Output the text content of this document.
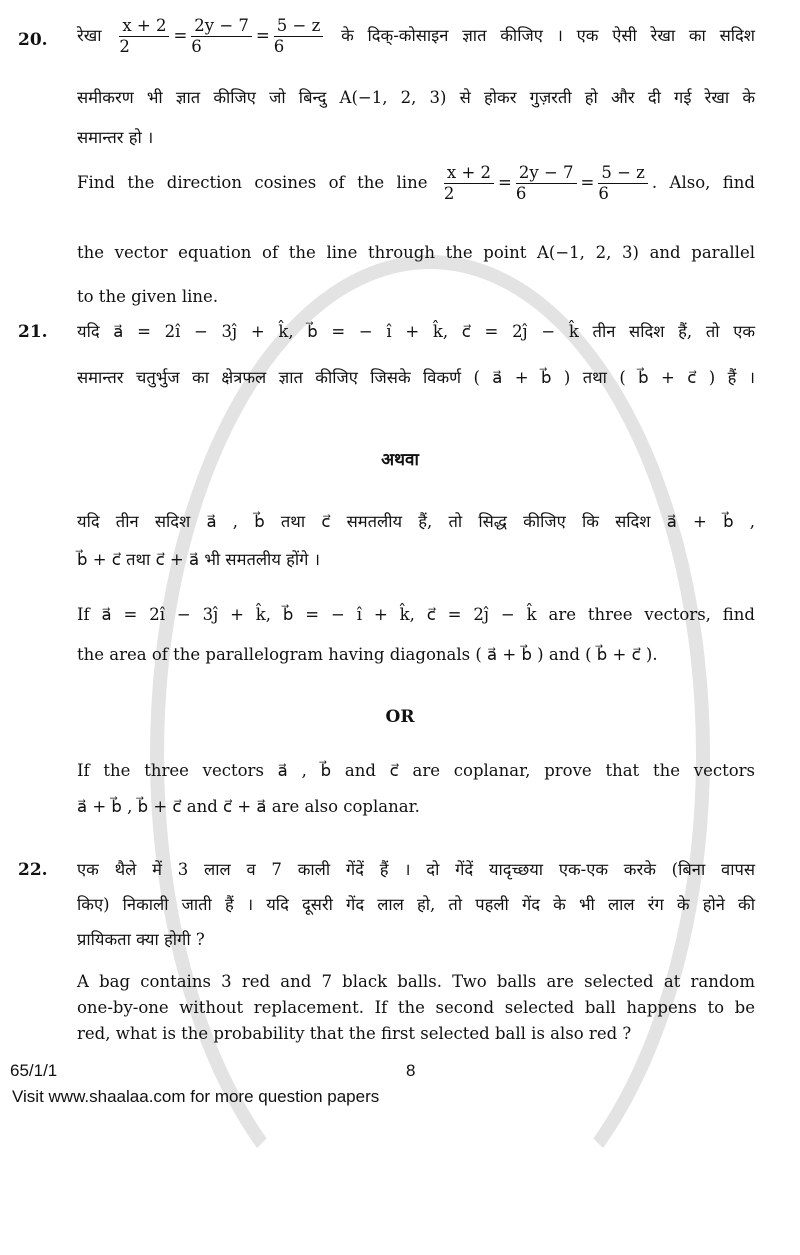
20. रेखा $\frac{x + 2}{2} = \frac{2y - 7}{6} = \frac{5 - z}{6}$ के दिक्-कोसाइन ज्ञात कीजिए । एक ऐसी रेखा का सदिश
समीकरण भी ज्ञात कीजिए जो बिन्दु A(−1, 2, 3) से होकर गुज़रती हो और दी गई रेखा के
समान्तर हो ।
Find the direction cosines of the line $\frac{x + 2}{2} = \frac{2y - 7}{6} = \frac{5 - z}{6}$ . Also, find
the vector equation of the line through the point A(−1, 2, 3) and parallel
to the given line.
21. यदि a⃗ = 2î − 3ĵ + k̂, b⃗ = − î + k̂, c⃗ = 2ĵ − k̂ तीन सदिश हैं, तो एक
समान्तर चतुर्भुज का क्षेत्रफल ज्ञात कीजिए जिसके विकर्ण ( a⃗ + b⃗ ) तथा ( b⃗ + c⃗ ) हैं ।
अथवा
यदि तीन सदिश a⃗ , b⃗ तथा c⃗ समतलीय हैं, तो सिद्ध कीजिए कि सदिश a⃗ + b⃗ ,
b⃗ + c⃗ तथा c⃗ + a⃗ भी समतलीय होंगे ।
If a⃗ = 2î − 3ĵ + k̂, b⃗ = − î + k̂, c⃗ = 2ĵ − k̂ are three vectors, find
the area of the parallelogram having diagonals ( a⃗ + b⃗ ) and ( b⃗ + c⃗ ).
OR
If the three vectors a⃗ , b⃗ and c⃗ are coplanar, prove that the vectors
a⃗ + b⃗ , b⃗ + c⃗ and c⃗ + a⃗ are also coplanar.
22. एक थैले में 3 लाल व 7 काली गेंदें हैं । दो गेंदें यादृच्छया एक-एक करके (बिना वापस
किए) निकाली जाती हैं । यदि दूसरी गेंद लाल हो, तो पहली गेंद के भी लाल रंग के होने की
प्रायिकता क्या होगी ?
A bag contains 3 red and 7 black balls. Two balls are selected at random
one-by-one without replacement. If the second selected ball happens to be
red, what is the probability that the first selected ball is also red ?
65/1/1	8
Visit www.shaalaa.com for more question papers
